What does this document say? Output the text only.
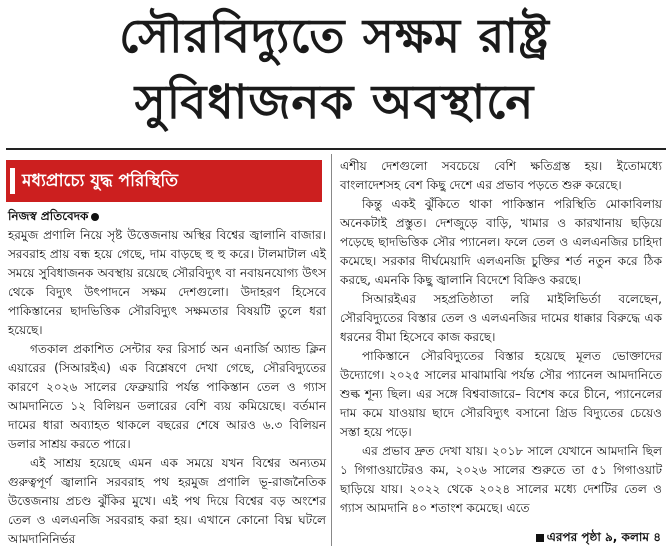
সৌরবিদ্যুতে সক্ষম রাষ্ট্র
সুবিধাজনক অবস্থানে
মধ্যপ্রাচ্যে যুদ্ধ পরিস্থিতি
নিজস্ব প্রতিবেদক

হরমুজ প্রণালি নিয়ে সৃষ্ট উত্তেজনায় অস্থির বিশ্বের জ্বালানি বাজার। সরবরাহ প্রায় বন্ধ হয়ে গেছে, দাম বাড়ছে হু হু করে। টালমাটাল এই সময়ে সুবিধাজনক অবস্থায় রয়েছে সৌরবিদ্যুৎ বা নবায়নযোগ্য উৎস থেকে বিদ্যুৎ উৎপাদনে সক্ষম দেশগুলো। উদাহরণ হিসেবে পাকিস্তানের ছাদভিত্তিক সৌরবিদ্যুৎ সক্ষমতার বিষয়টি তুলে ধরা হয়েছে।

গতকাল প্রকাশিত সেন্টার ফর রিসার্চ অন এনার্জি অ্যান্ড ক্লিন এয়ারের (সিআরইএ) এক বিশ্লেষণে দেখা গেছে, সৌরবিদ্যুতের কারণে ২০২৬ সালের ফেব্রুয়ারি পর্যন্ত পাকিস্তান তেল ও গ্যাস আমদানিতে ১২ বিলিয়ন ডলারের বেশি ব্যয় কমিয়েছে। বর্তমান দামের ধারা অব্যাহত থাকলে বছরের শেষে আরও ৬.৩ বিলিয়ন ডলার সাশ্রয় করতে পারে।

এই সাশ্রয় হয়েছে এমন এক সময়ে যখন বিশ্বের অন্যতম গুরুত্বপূর্ণ জ্বালানি সরবরাহ পথ হরমুজ প্রণালি ভূ-রাজনৈতিক উত্তেজনায় প্রচণ্ড ঝুঁকির মুখে। এই পথ দিয়ে বিশ্বের বড় অংশের তেল ও এলএনজি সরবরাহ করা হয়। এখানে কোনো বিঘ্ন ঘটলে আমদানিনির্ভর

এশীয় দেশগুলো সবচেয়ে বেশি ক্ষতিগ্রস্ত হয়। ইতোমধ্যে বাংলাদেশসহ বেশ কিছু দেশে এর প্রভাব পড়তে শুরু করেছে।

কিন্তু একই ঝুঁকিতে থাকা পাকিস্তান পরিস্থিতি মোকাবিলায় অনেকটাই প্রস্তুত। দেশজুড়ে বাড়ি, খামার ও কারখানায় ছড়িয়ে পড়েছে ছাদভিত্তিক সৌর প্যানেল। ফলে তেল ও এলএনজির চাহিদা কমেছে। সরকার দীর্ঘমেয়াদি এলএনজি চুক্তির শর্ত নতুন করে ঠিক করছে, এমনকি কিছু জ্বালানি বিদেশে বিক্রিও করছে।

সিআরইএর সহপ্রতিষ্ঠাতা লরি মাইলিভির্তা বলেছেন, সৌরবিদ্যুতের বিস্তার তেল ও এলএনজির দামের ধাক্কার বিরুদ্ধে এক ধরনের বীমা হিসেবে কাজ করছে।

পাকিস্তানে সৌরবিদ্যুতের বিস্তার হয়েছে মূলত ভোক্তাদের উদ্যোগে। ২০২৫ সালের মাঝামাঝি পর্যন্ত সৌর প্যানেল আমদানিতে শুল্ক শূন্য ছিল। এর সঙ্গে বিশ্ববাজারে– বিশেষ করে চীনে, প্যানেলের দাম কমে যাওয়ায় ছাদে সৌরবিদ্যুৎ বসানো গ্রিড বিদ্যুতের চেয়েও সস্তা হয়ে পড়ে।

এর প্রভাব দ্রুত দেখা যায়। ২০১৮ সালে যেখানে আমদানি ছিল ১ গিগাওয়াটেরও কম, ২০২৬ সালের শুরুতে তা ৫১ গিগাওয়াট ছাড়িয়ে যায়। ২০২২ থেকে ২০২৪ সালের মধ্যে দেশটির তেল ও গ্যাস আমদানি ৪০ শতাংশ কমেছে। এতে

এরপর পৃষ্ঠা ৯, কলাম ৪
